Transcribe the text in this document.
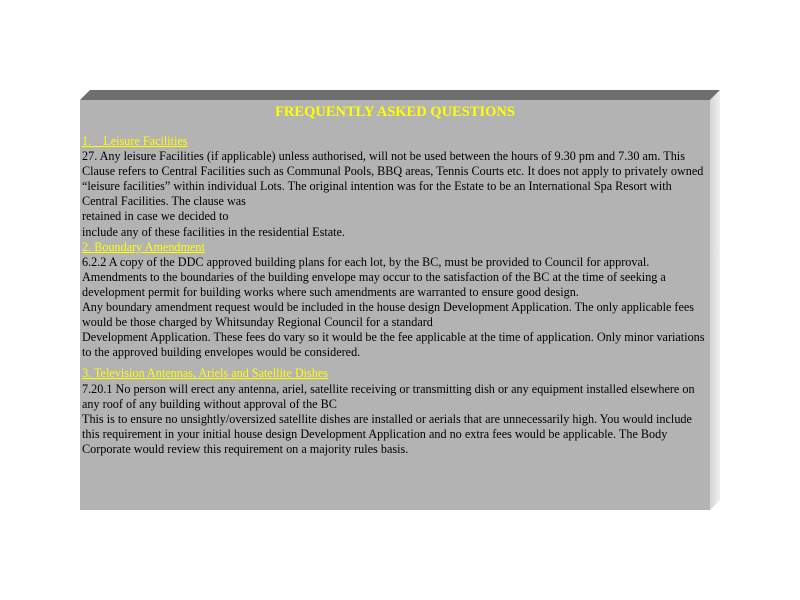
FREQUENTLY ASKED QUESTIONS
1.    Leisure Facilities

27. Any leisure Facilities (if applicable) unless authorised, will not be used between the hours of 9.30 pm and 7.30 am. This Clause refers to Central Facilities such as Communal Pools, BBQ areas, Tennis Courts etc. It does not apply to privately owned “leisure facilities” within individual Lots. The original intention was for the Estate to be an International Spa Resort with Central Facilities. The clause was

retained in case we decided to

include any of these facilities in the residential Estate.

2. Boundary Amendment

6.2.2 A copy of the DDC approved building plans for each lot, by the BC, must be provided to Council for approval. Amendments to the boundaries of the building envelope may occur to the satisfaction of the BC at the time of seeking a development permit for building works where such amendments are warranted to ensure good design.

Any boundary amendment request would be included in the house design Development Application. The only applicable fees would be those charged by Whitsunday Regional Council for a standard

Development Application. These fees do vary so it would be the fee applicable at the time of application. Only minor variations to the approved building envelopes would be considered.

3. Television Antennas, Ariels and Satellite Dishes

7.20.1 No person will erect any antenna, ariel, satellite receiving or transmitting dish or any equipment installed elsewhere on any roof of any building without approval of the BC

This is to ensure no unsightly/oversized satellite dishes are installed or aerials that are unnecessarily high. You would include this requirement in your initial house design Development Application and no extra fees would be applicable. The Body Corporate would review this requirement on a majority rules basis.
